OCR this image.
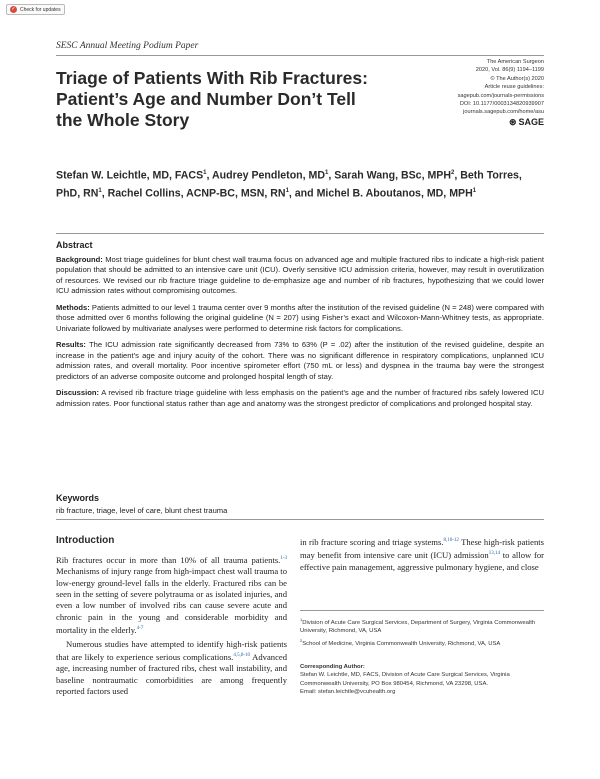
✓ Check for updates
SESC Annual Meeting Podium Paper
Triage of Patients With Rib Fractures: Patient’s Age and Number Don’t Tell the Whole Story
The American Surgeon
2020, Vol. 86(9) 1194–1199
© The Author(s) 2020
Article reuse guidelines:
sagepub.com/journals-permissions
DOI: 10.1177/0003134820939907
journals.sagepub.com/home/asu
⊛ SAGE
Stefan W. Leichtle, MD, FACS$^1$, Audrey Pendleton, $MD^1$, Sarah Wang, BSc, MPH$^2$, Beth Torres, PhD, $RN^1$, Rachel Collins, ACNP-BC, MSN, $RN^1$, and Michel B. Aboutanos, MD, MPH$^1$
Abstract

Background: Most triage guidelines for blunt chest wall trauma focus on advanced age and multiple fractured ribs to indicate a high-risk patient population that should be admitted to an intensive care unit (ICU). Overly sensitive ICU admission criteria, however, may result in overutilization of resources. We revised our rib fracture triage guideline to de-emphasize age and number of rib fractures, hypothesizing that we could lower ICU admission rates without compromising outcomes.

Methods: Patients admitted to our level 1 trauma center over 9 months after the institution of the revised guideline (N = 248) were compared with those admitted over 6 months following the original guideline (N = 207) using Fisher’s exact and Wilcoxon-Mann-Whitney tests, as appropriate. Univariate followed by multivariate analyses were performed to determine risk factors for complications.

Results: The ICU admission rate significantly decreased from 73% to 63% (P = .02) after the institution of the revised guideline, despite an increase in the patient’s age and injury acuity of the cohort. There was no significant difference in respiratory complications, unplanned ICU admission rates, and overall mortality. Poor incentive spirometer effort (750 mL or less) and dyspnea in the trauma bay were the strongest predictors of an adverse composite outcome and prolonged hospital length of stay.

Discussion: A revised rib fracture triage guideline with less emphasis on the patient’s age and the number of fractured ribs safely lowered ICU admission rates. Poor functional status rather than age and anatomy was the strongest predictor of complications and prolonged hospital stay.

Keywords
rib fracture, triage, level of care, blunt chest trauma
Introduction

Rib fractures occur in more than 10% of all trauma patients.$^{1-3}$ Mechanisms of injury range from high-impact chest wall trauma to low-energy ground-level falls in the elderly. Fractured ribs can be seen in the setting of severe polytrauma or as isolated injuries, and even a low number of involved ribs can cause severe acute and chronic pain in the young and considerable morbidity and mortality in the elderly.$^{4-7}$

Numerous studies have attempted to identify high-risk patients that are likely to experience serious complications.$^{4,5,8-10}$ Advanced age, increasing number of fractured ribs, chest wall instability, and baseline nontraumatic comorbidities are among frequently reported factors used

in rib fracture scoring and triage systems.$^{8,10-12}$ These high-risk patients may benefit from intensive care unit (ICU) admission$^{13,14}$ to allow for effective pain management, aggressive pulmonary hygiene, and close

$^1$Division of Acute Care Surgical Services, Department of Surgery, Virginia Commonwealth University, Richmond, VA, USA

$^2$School of Medicine, Virginia Commonwealth University, Richmond, VA, USA

Corresponding Author:
Stefan W. Leichtle, MD, FACS, Division of Acute Care Surgical Services, Virginia Commonwealth University, PO Box 980454, Richmond, VA 23298, USA.
Email: stefan.leichtle@vcuhealth.org
